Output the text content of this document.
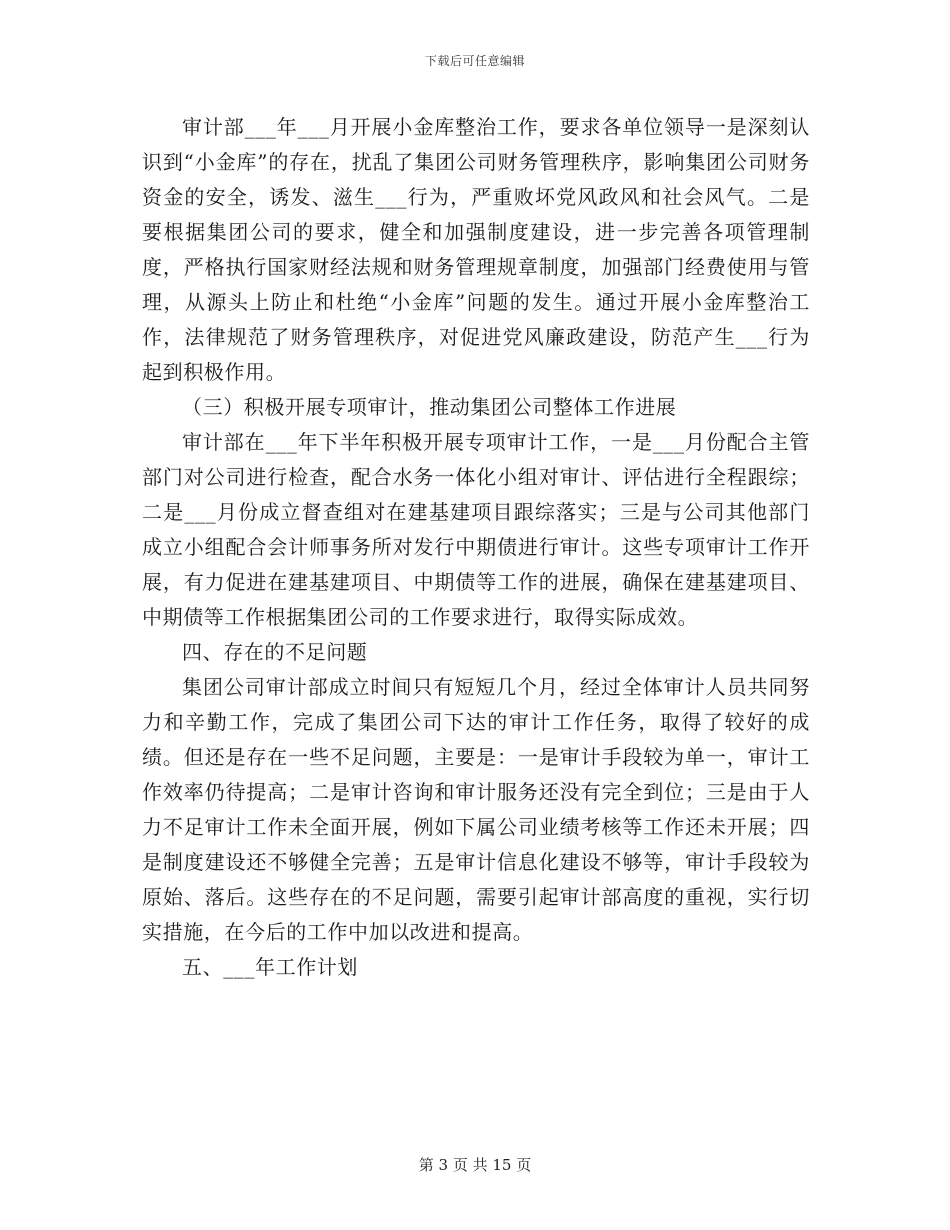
下载后可任意编辑

审计部___年___月开展小金库整治工作，要求各单位领导一是深刻认识到“小金库”的存在，扰乱了集团公司财务管理秩序，影响集团公司财务资金的安全，诱发、滋生___行为，严重败坏党风政风和社会风气。二是要根据集团公司的要求，健全和加强制度建设，进一步完善各项管理制度，严格执行国家财经法规和财务管理规章制度，加强部门经费使用与管理，从源头上防止和杜绝“小金库”问题的发生。通过开展小金库整治工作，法律规范了财务管理秩序，对促进党风廉政建设，防范产生___行为起到积极作用。

（三）积极开展专项审计，推动集团公司整体工作进展

审计部在___年下半年积极开展专项审计工作，一是___月份配合主管部门对公司进行检查，配合水务一体化小组对审计、评估进行全程跟综；二是___月份成立督查组对在建基建项目跟综落实；三是与公司其他部门成立小组配合会计师事务所对发行中期债进行审计。这些专项审计工作开展，有力促进在建基建项目、中期债等工作的进展，确保在建基建项目、中期债等工作根据集团公司的工作要求进行，取得实际成效。

四、存在的不足问题

集团公司审计部成立时间只有短短几个月，经过全体审计人员共同努力和辛勤工作，完成了集团公司下达的审计工作任务，取得了较好的成绩。但还是存在一些不足问题，主要是：一是审计手段较为单一，审计工作效率仍待提高；二是审计咨询和审计服务还没有完全到位；三是由于人力不足审计工作未全面开展，例如下属公司业绩考核等工作还未开展；四是制度建设还不够健全完善；五是审计信息化建设不够等，审计手段较为原始、落后。这些存在的不足问题，需要引起审计部高度的重视，实行切实措施，在今后的工作中加以改进和提高。

五、___年工作计划

第 3 页 共 15 页
